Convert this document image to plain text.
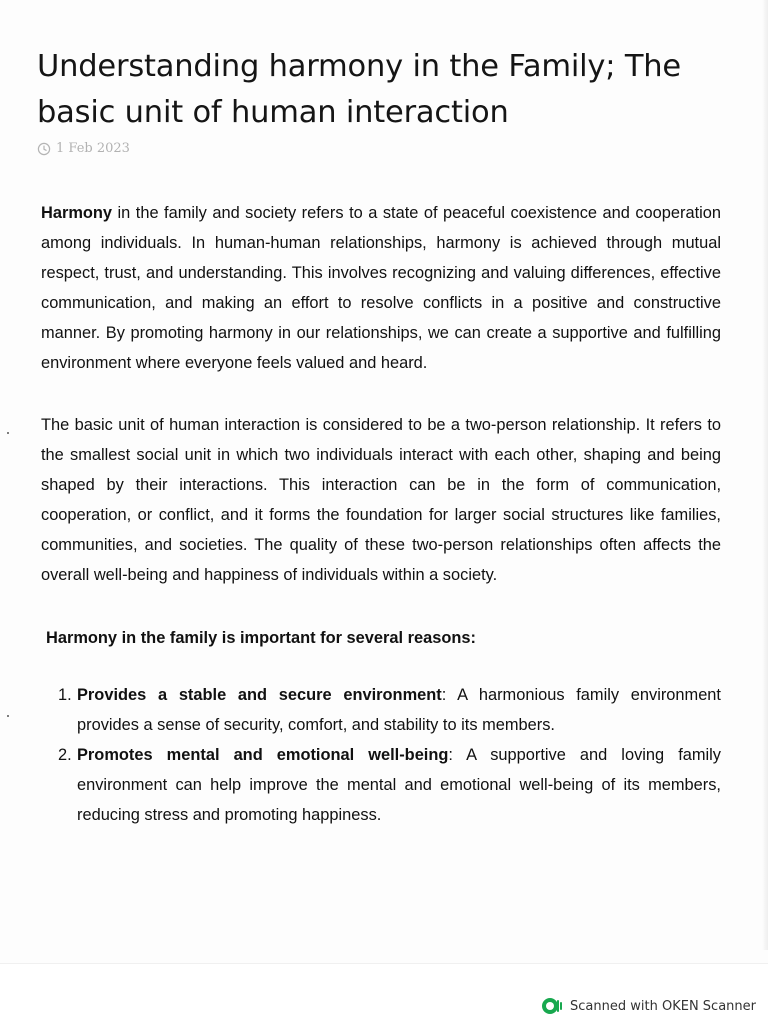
Understanding harmony in the Family; The basic unit of human interaction
1 Feb 2023

Harmony in the family and society refers to a state of peaceful coexistence and cooperation among individuals. In human-human relationships, harmony is achieved through mutual respect, trust, and understanding. This involves recognizing and valuing differences, effective communication, and making an effort to resolve conflicts in a positive and constructive manner. By promoting harmony in our relationships, we can create a supportive and fulfilling environment where everyone feels valued and heard.

The basic unit of human interaction is considered to be a two-person relationship. It refers to the smallest social unit in which two individuals interact with each other, shaping and being shaped by their interactions. This interaction can be in the form of communication, cooperation, or conflict, and it forms the foundation for larger social structures like families, communities, and societies. The quality of these two-person relationships often affects the overall well-being and happiness of individuals within a society.

Harmony in the family is important for several reasons:
1. Provides a stable and secure environment: A harmonious family environment provides a sense of security, comfort, and stability to its members.
2. Promotes mental and emotional well-being: A supportive and loving family environment can help improve the mental and emotional well-being of its members, reducing stress and promoting happiness.
Scanned with OKEN Scanner
